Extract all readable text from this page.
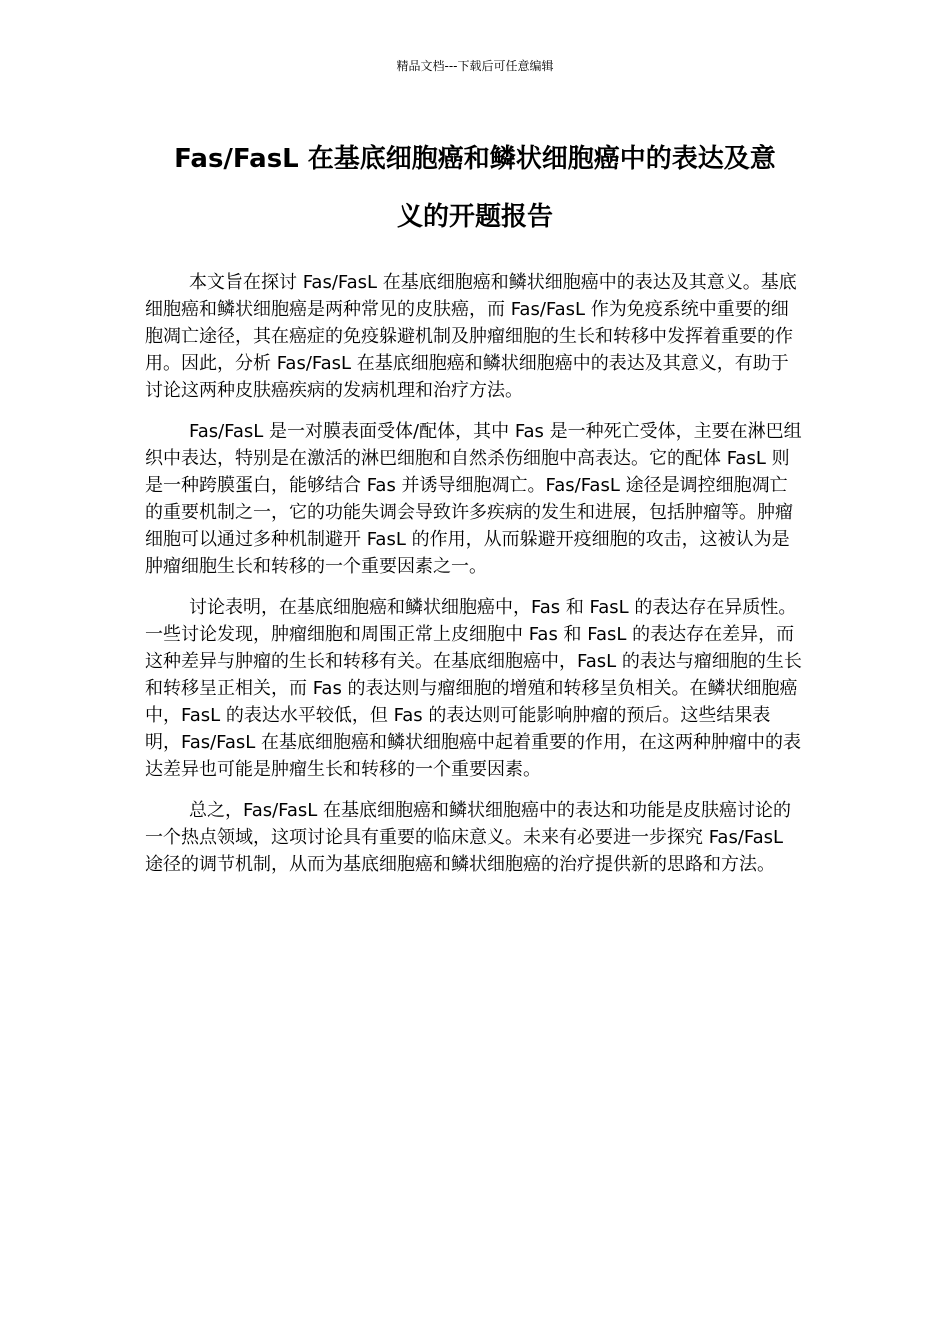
精品文档---下载后可任意编辑
Fas/FasL 在基底细胞癌和鳞状细胞癌中的表达及意
义的开题报告

本文旨在探讨 Fas/FasL 在基底细胞癌和鳞状细胞癌中的表达及其意义。基底细胞癌和鳞状细胞癌是两种常见的皮肤癌，而 Fas/FasL 作为免疫系统中重要的细胞凋亡途径，其在癌症的免疫躲避机制及肿瘤细胞的生长和转移中发挥着重要的作用。因此，分析 Fas/FasL 在基底细胞癌和鳞状细胞癌中的表达及其意义，有助于讨论这两种皮肤癌疾病的发病机理和治疗方法。

Fas/FasL 是一对膜表面受体/配体，其中 Fas 是一种死亡受体，主要在淋巴组织中表达，特别是在激活的淋巴细胞和自然杀伤细胞中高表达。它的配体 FasL 则是一种跨膜蛋白，能够结合 Fas 并诱导细胞凋亡。Fas/FasL 途径是调控细胞凋亡的重要机制之一，它的功能失调会导致许多疾病的发生和进展，包括肿瘤等。肿瘤细胞可以通过多种机制避开 FasL 的作用，从而躲避开疫细胞的攻击，这被认为是肿瘤细胞生长和转移的一个重要因素之一。

讨论表明，在基底细胞癌和鳞状细胞癌中，Fas 和 FasL 的表达存在异质性。一些讨论发现，肿瘤细胞和周围正常上皮细胞中 Fas 和 FasL 的表达存在差异，而这种差异与肿瘤的生长和转移有关。在基底细胞癌中，FasL 的表达与瘤细胞的生长和转移呈正相关，而 Fas 的表达则与瘤细胞的增殖和转移呈负相关。在鳞状细胞癌中，FasL 的表达水平较低，但 Fas 的表达则可能影响肿瘤的预后。这些结果表明，Fas/FasL 在基底细胞癌和鳞状细胞癌中起着重要的作用，在这两种肿瘤中的表达差异也可能是肿瘤生长和转移的一个重要因素。

总之，Fas/FasL 在基底细胞癌和鳞状细胞癌中的表达和功能是皮肤癌讨论的一个热点领域，这项讨论具有重要的临床意义。未来有必要进一步探究 Fas/FasL 途径的调节机制，从而为基底细胞癌和鳞状细胞癌的治疗提供新的思路和方法。
